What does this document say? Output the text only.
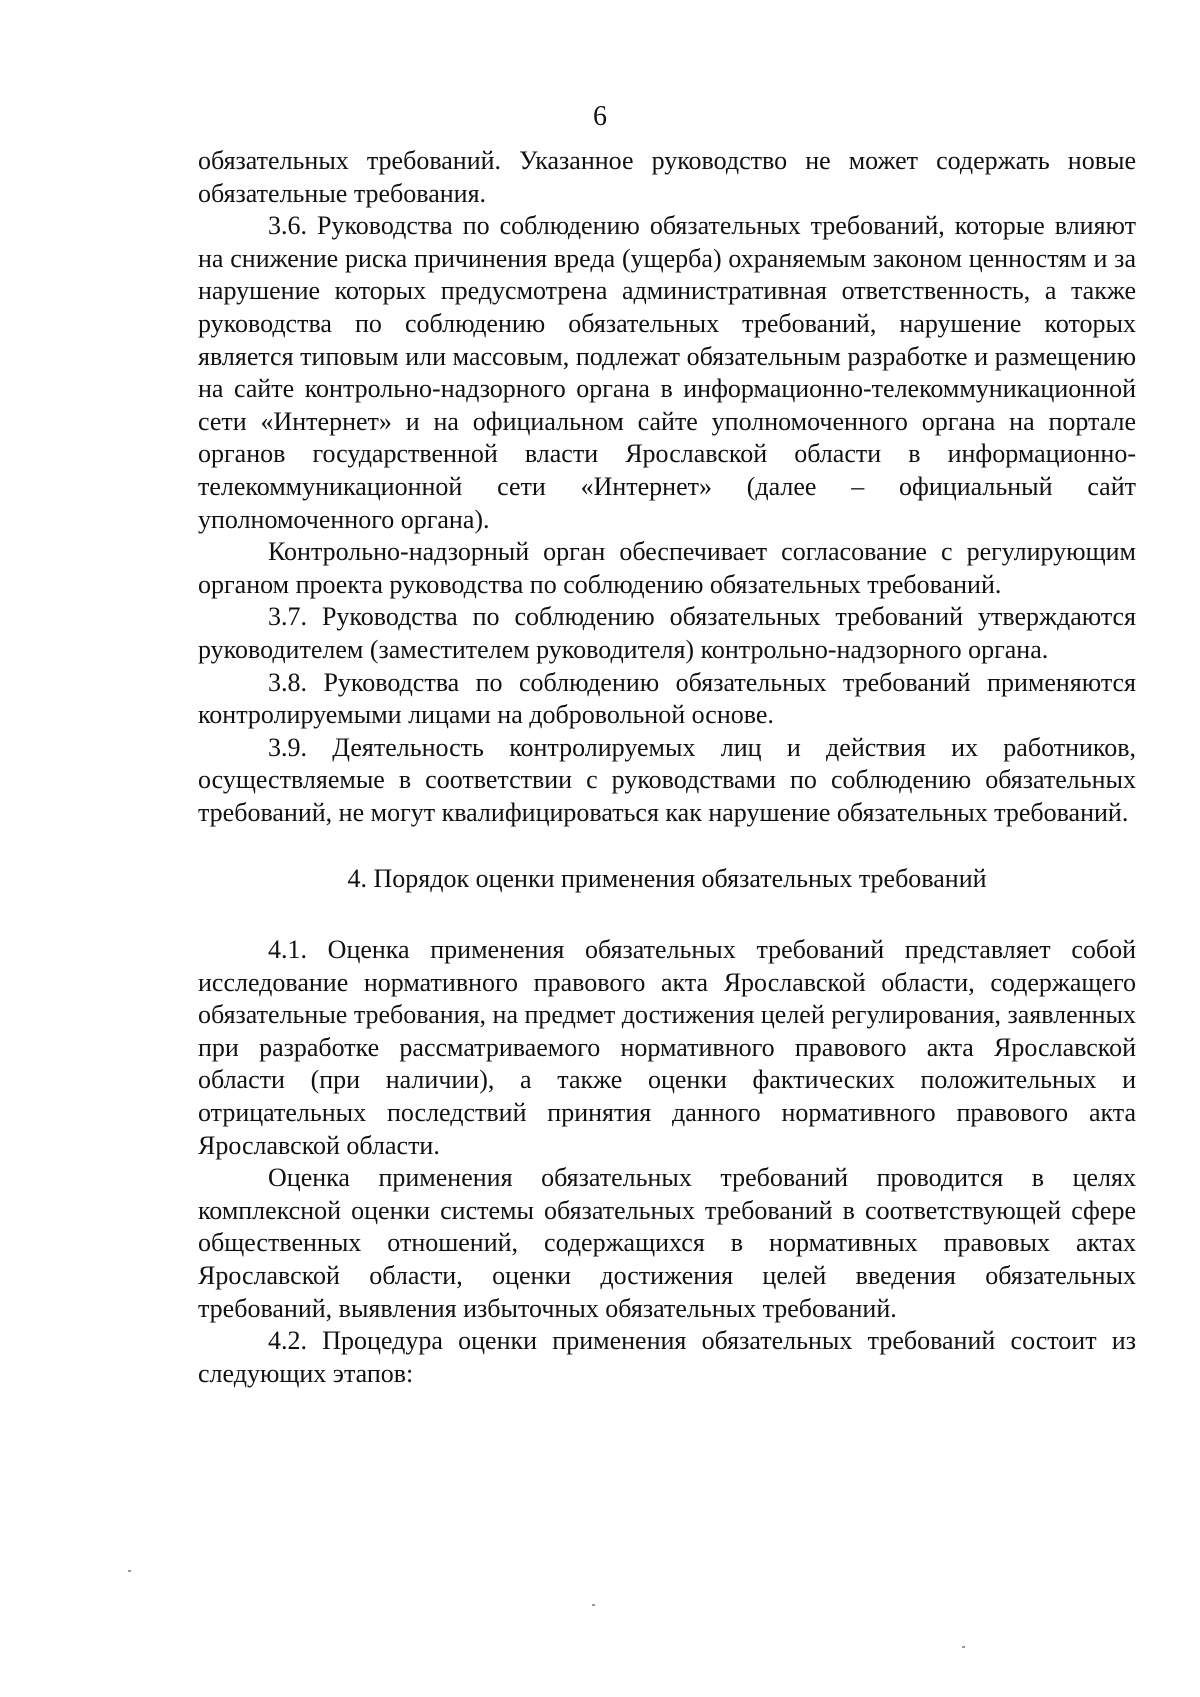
6

обязательных требований. Указанное руководство не может содержать новые обязательные требования.

3.6. Руководства по соблюдению обязательных требований, которые влияют на снижение риска причинения вреда (ущерба) охраняемым законом ценностям и за нарушение которых предусмотрена административная ответственность, а также руководства по соблюдению обязательных требований, нарушение которых является типовым или массовым, подлежат обязательным разработке и размещению на сайте контрольно-надзорного органа в информационно-телекоммуникационной сети «Интернет» и на официальном сайте уполномоченного органа на портале органов государственной власти Ярославской области в информационно-телекоммуникационной сети «Интернет» (далее – официальный сайт уполномоченного органа).

Контрольно-надзорный орган обеспечивает согласование с регулирующим органом проекта руководства по соблюдению обязательных требований.

3.7. Руководства по соблюдению обязательных требований утверждаются руководителем (заместителем руководителя) контрольно-надзорного органа.

3.8. Руководства по соблюдению обязательных требований применяются контролируемыми лицами на добровольной основе.

3.9. Деятельность контролируемых лиц и действия их работников, осуществляемые в соответствии с руководствами по соблюдению обязательных требований, не могут квалифицироваться как нарушение обязательных требований.

4. Порядок оценки применения обязательных требований

4.1. Оценка применения обязательных требований представляет собой исследование нормативного правового акта Ярославской области, содержащего обязательные требования, на предмет достижения целей регулирования, заявленных при разработке рассматриваемого нормативного правового акта Ярославской области (при наличии), а также оценки фактических положительных и отрицательных последствий принятия данного нормативного правового акта Ярославской области.

Оценка применения обязательных требований проводится в целях комплексной оценки системы обязательных требований в соответствующей сфере общественных отношений, содержащихся в нормативных правовых актах Ярославской области, оценки достижения целей введения обязательных требований, выявления избыточных обязательных требований.

4.2. Процедура оценки применения обязательных требований состоит из следующих этапов:
